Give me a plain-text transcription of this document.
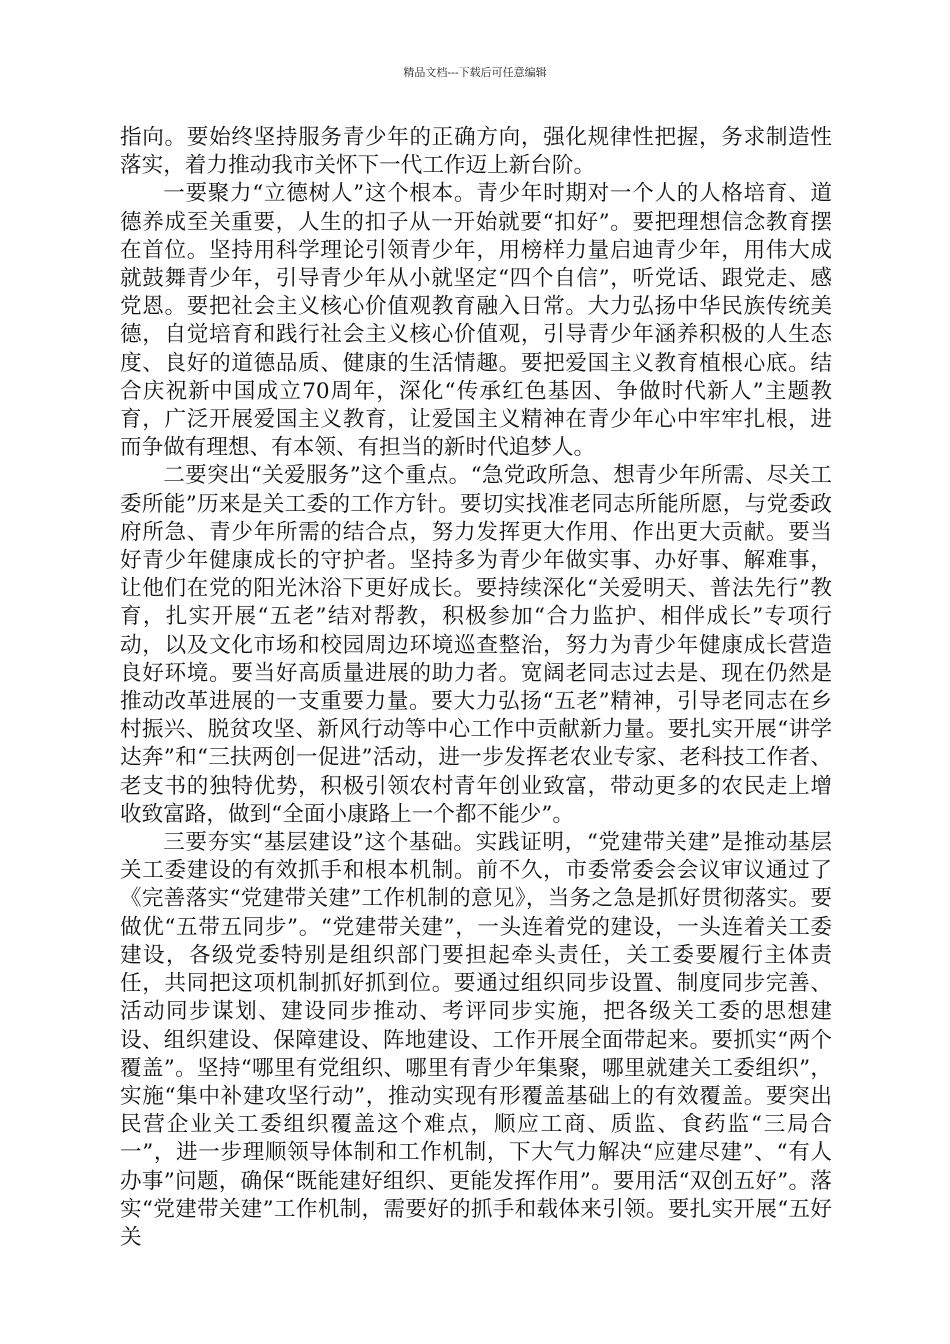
精品文档---下载后可任意编辑

指向。要始终坚持服务青少年的正确方向，强化规律性把握，务求制造性落实，着力推动我市关怀下一代工作迈上新台阶。

一要聚力“立德树人”这个根本。青少年时期对一个人的人格培育、道德养成至关重要，人生的扣子从一开始就要“扣好”。要把理想信念教育摆在首位。坚持用科学理论引领青少年，用榜样力量启迪青少年，用伟大成就鼓舞青少年，引导青少年从小就坚定“四个自信”，听党话、跟党走、感党恩。要把社会主义核心价值观教育融入日常。大力弘扬中华民族传统美德，自觉培育和践行社会主义核心价值观，引导青少年涵养积极的人生态度、良好的道德品质、健康的生活情趣。要把爱国主义教育植根心底。结合庆祝新中国成立70周年，深化“传承红色基因、争做时代新人”主题教育，广泛开展爱国主义教育，让爱国主义精神在青少年心中牢牢扎根，进而争做有理想、有本领、有担当的新时代追梦人。

二要突出“关爱服务”这个重点。“急党政所急、想青少年所需、尽关工委所能”历来是关工委的工作方针。要切实找准老同志所能所愿，与党委政府所急、青少年所需的结合点，努力发挥更大作用、作出更大贡献。要当好青少年健康成长的守护者。坚持多为青少年做实事、办好事、解难事，让他们在党的阳光沐浴下更好成长。要持续深化“关爱明天、普法先行”教育，扎实开展“五老”结对帮教，积极参加“合力监护、相伴成长”专项行动，以及文化市场和校园周边环境巡查整治，努力为青少年健康成长营造良好环境。要当好高质量进展的助力者。宽阔老同志过去是、现在仍然是推动改革进展的一支重要力量。要大力弘扬“五老”精神，引导老同志在乡村振兴、脱贫攻坚、新风行动等中心工作中贡献新力量。要扎实开展“讲学达奔”和“三扶两创一促进”活动，进一步发挥老农业专家、老科技工作者、老支书的独特优势，积极引领农村青年创业致富，带动更多的农民走上增收致富路，做到“全面小康路上一个都不能少”。

三要夯实“基层建设”这个基础。实践证明，“党建带关建”是推动基层关工委建设的有效抓手和根本机制。前不久，市委常委会会议审议通过了《完善落实“党建带关建”工作机制的意见》，当务之急是抓好贯彻落实。要做优“五带五同步”。“党建带关建”，一头连着党的建设，一头连着关工委建设，各级党委特别是组织部门要担起牵头责任，关工委要履行主体责任，共同把这项机制抓好抓到位。要通过组织同步设置、制度同步完善、活动同步谋划、建设同步推动、考评同步实施，把各级关工委的思想建设、组织建设、保障建设、阵地建设、工作开展全面带起来。要抓实“两个覆盖”。坚持“哪里有党组织、哪里有青少年集聚，哪里就建关工委组织”，实施“集中补建攻坚行动”，推动实现有形覆盖基础上的有效覆盖。要突出民营企业关工委组织覆盖这个难点，顺应工商、质监、食药监“三局合一”，进一步理顺领导体制和工作机制，下大气力解决“应建尽建”、“有人办事”问题，确保“既能建好组织、更能发挥作用”。要用活“双创五好”。落实“党建带关建”工作机制，需要好的抓手和载体来引领。要扎实开展“五好关
